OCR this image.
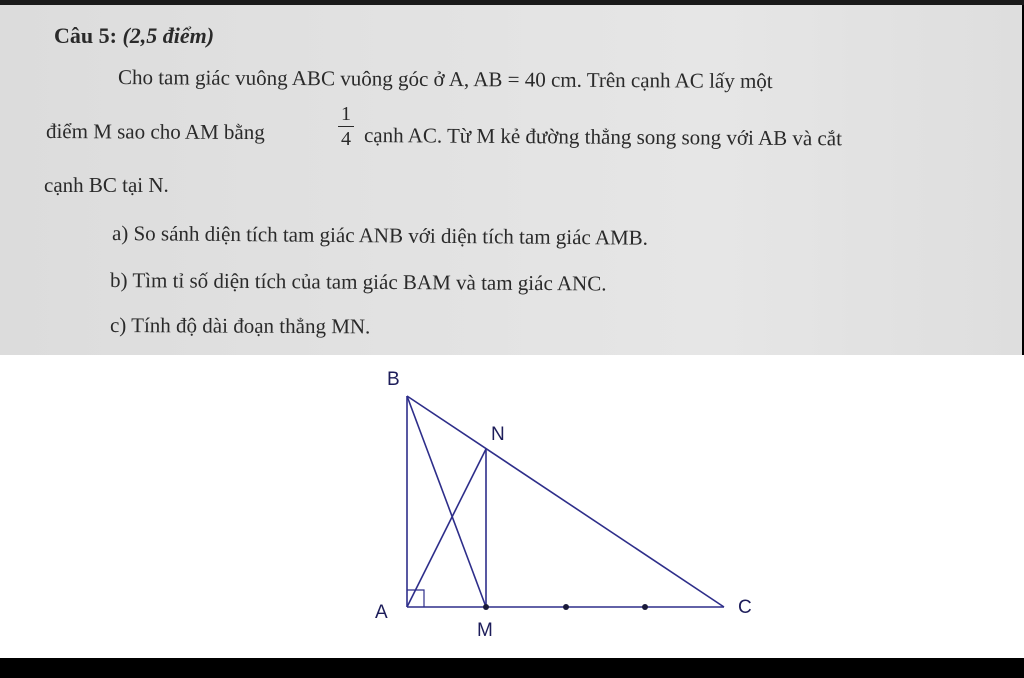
Câu 5: (2,5 điểm)
Cho tam giác vuông ABC vuông góc ở A, AB = 40 cm. Trên cạnh AC lấy một
điểm M sao cho AM bằng
1
4 cạnh AC. Từ M kẻ đường thẳng song song với AB và cắt
cạnh BC tại N.
a) So sánh diện tích tam giác ANB với diện tích tam giác AMB.
b) Tìm tỉ số diện tích của tam giác BAM và tam giác ANC.
c) Tính độ dài đoạn thẳng MN.
B
N
A
M
C
